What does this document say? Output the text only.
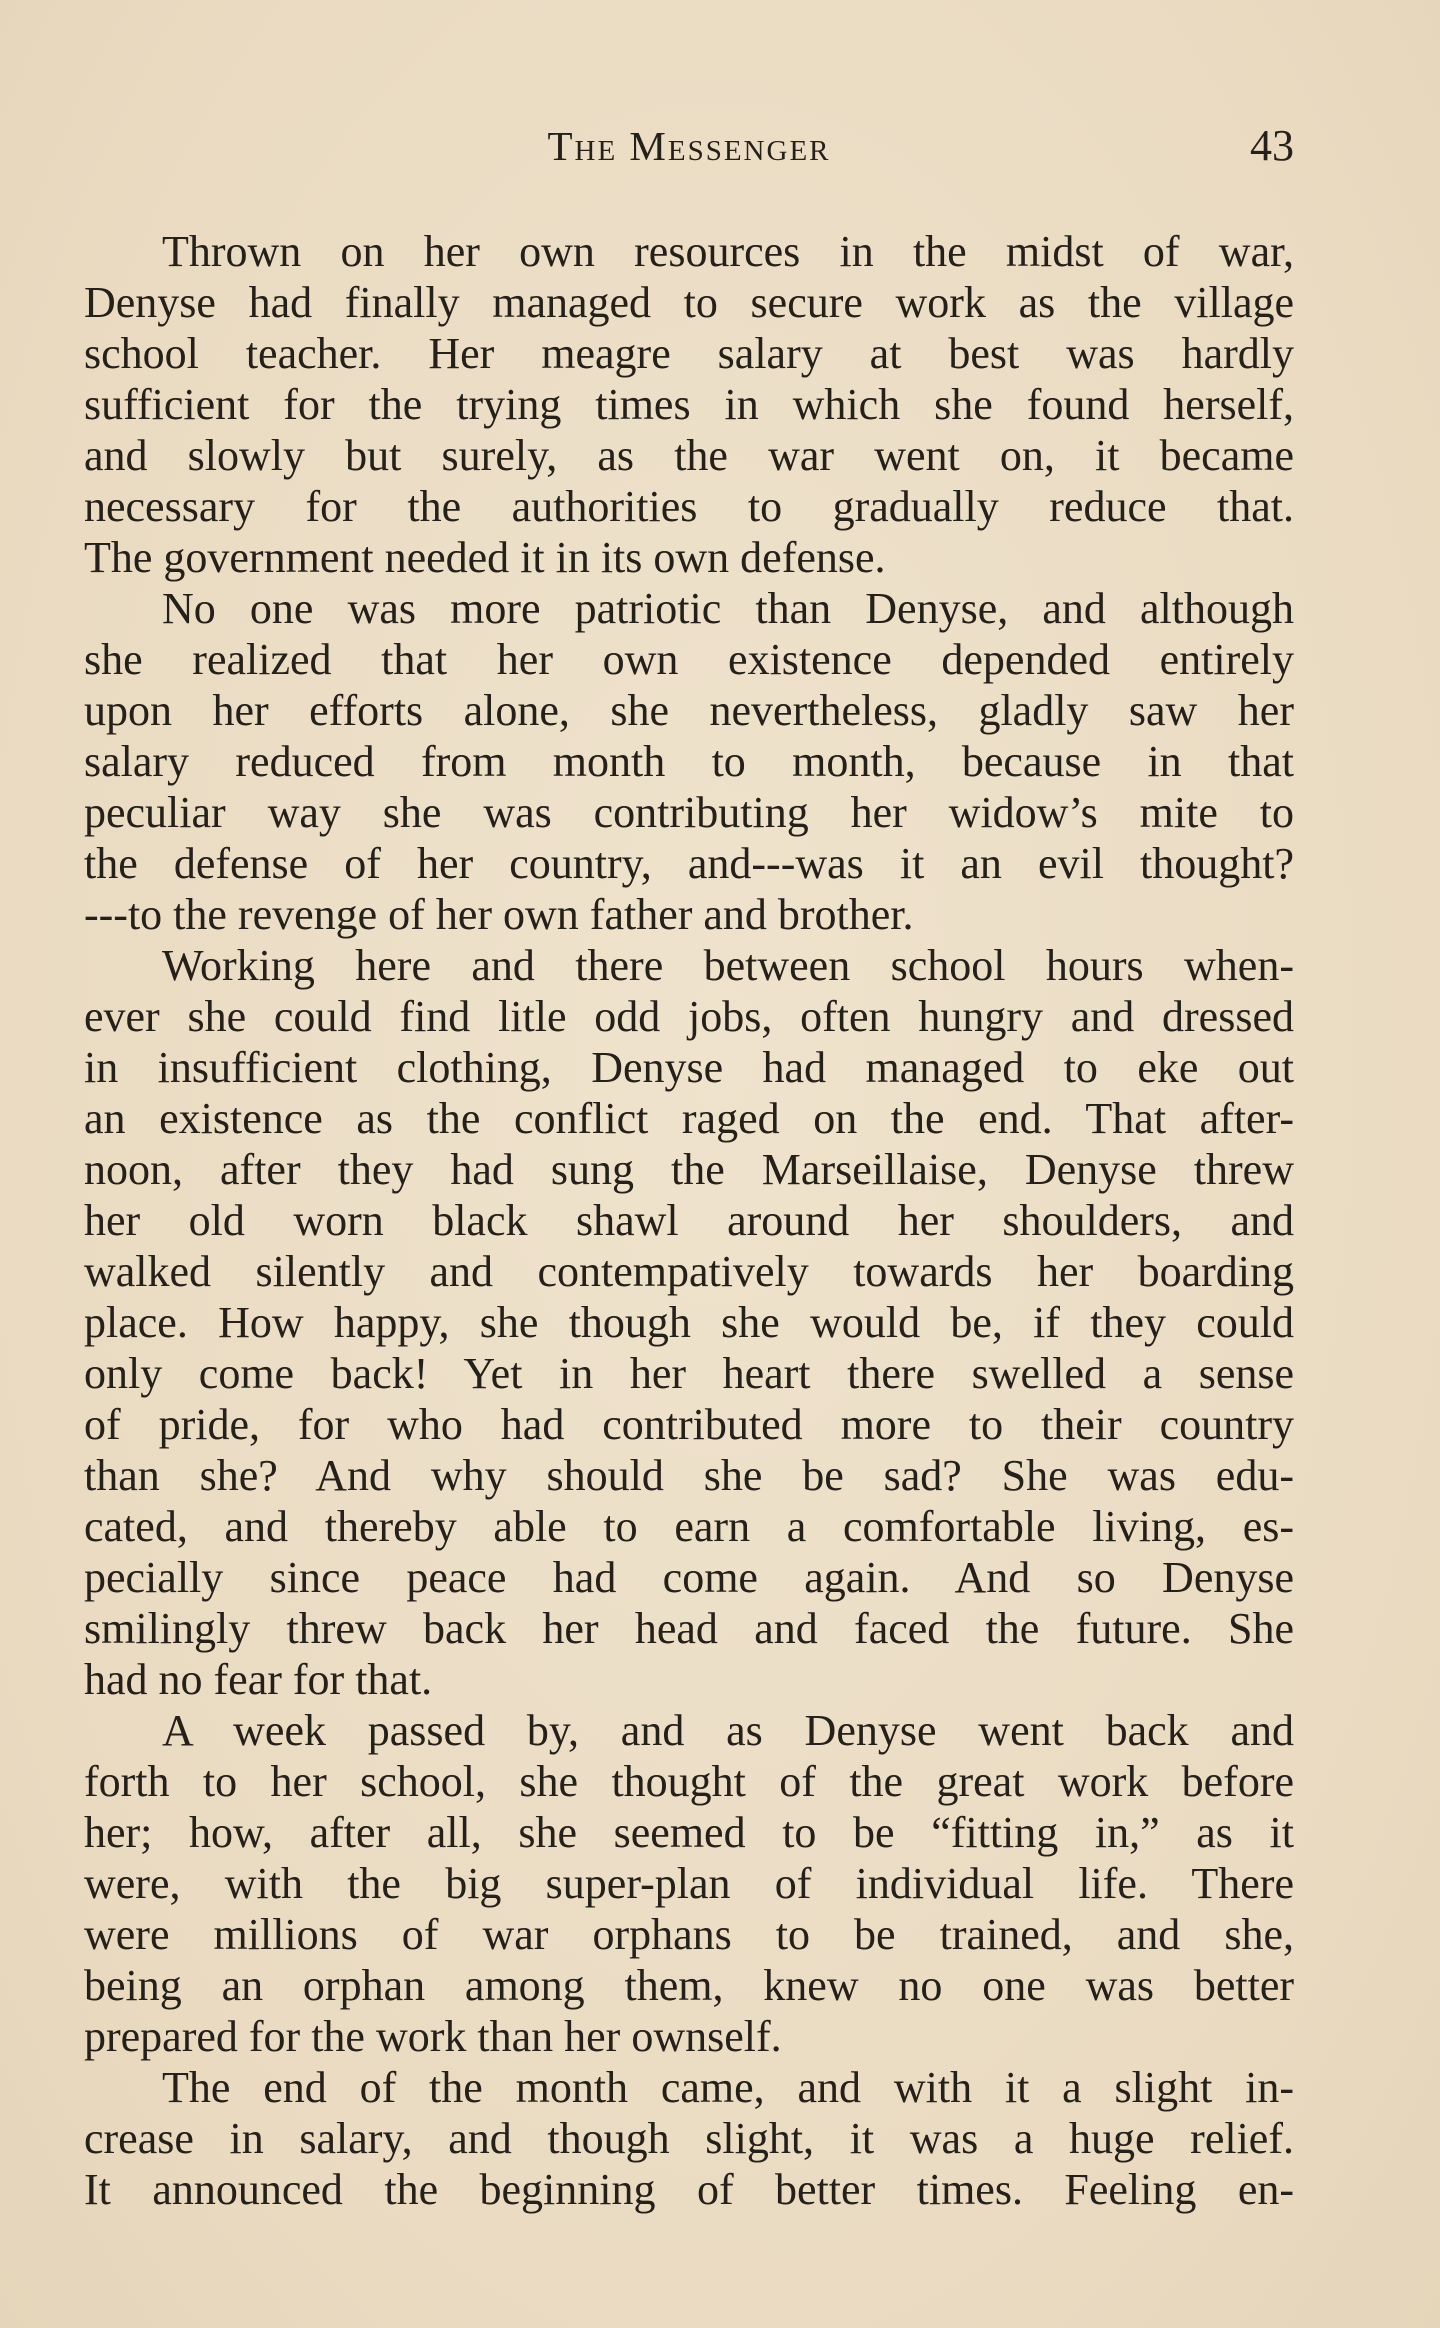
The Messenger	43
Thrown on her own resources in the midst of war,
Denyse had finally managed to secure work as the village
school teacher. Her meagre salary at best was hardly
sufficient for the trying times in which she found herself,
and slowly but surely, as the war went on, it became
necessary for the authorities to gradually reduce that.
The government needed it in its own defense.
No one was more patriotic than Denyse, and although
she realized that her own existence depended entirely
upon her efforts alone, she nevertheless, gladly saw her
salary reduced from month to month, because in that
peculiar way she was contributing her widow’s mite to
the defense of her country, and---was it an evil thought?
---to the revenge of her own father and brother.
Working here and there between school hours when-
ever she could find litle odd jobs, often hungry and dressed
in insufficient clothing, Denyse had managed to eke out
an existence as the conflict raged on the end. That after-
noon, after they had sung the Marseillaise, Denyse threw
her old worn black shawl around her shoulders, and
walked silently and contempatively towards her boarding
place. How happy, she though she would be, if they could
only come back! Yet in her heart there swelled a sense
of pride, for who had contributed more to their country
than she? And why should she be sad? She was edu-
cated, and thereby able to earn a comfortable living, es-
pecially since peace had come again. And so Denyse
smilingly threw back her head and faced the future. She
had no fear for that.
A week passed by, and as Denyse went back and
forth to her school, she thought of the great work before
her; how, after all, she seemed to be “fitting in,” as it
were, with the big super-plan of individual life. There
were millions of war orphans to be trained, and she,
being an orphan among them, knew no one was better
prepared for the work than her ownself.
The end of the month came, and with it a slight in-
crease in salary, and though slight, it was a huge relief.
It announced the beginning of better times. Feeling en-
